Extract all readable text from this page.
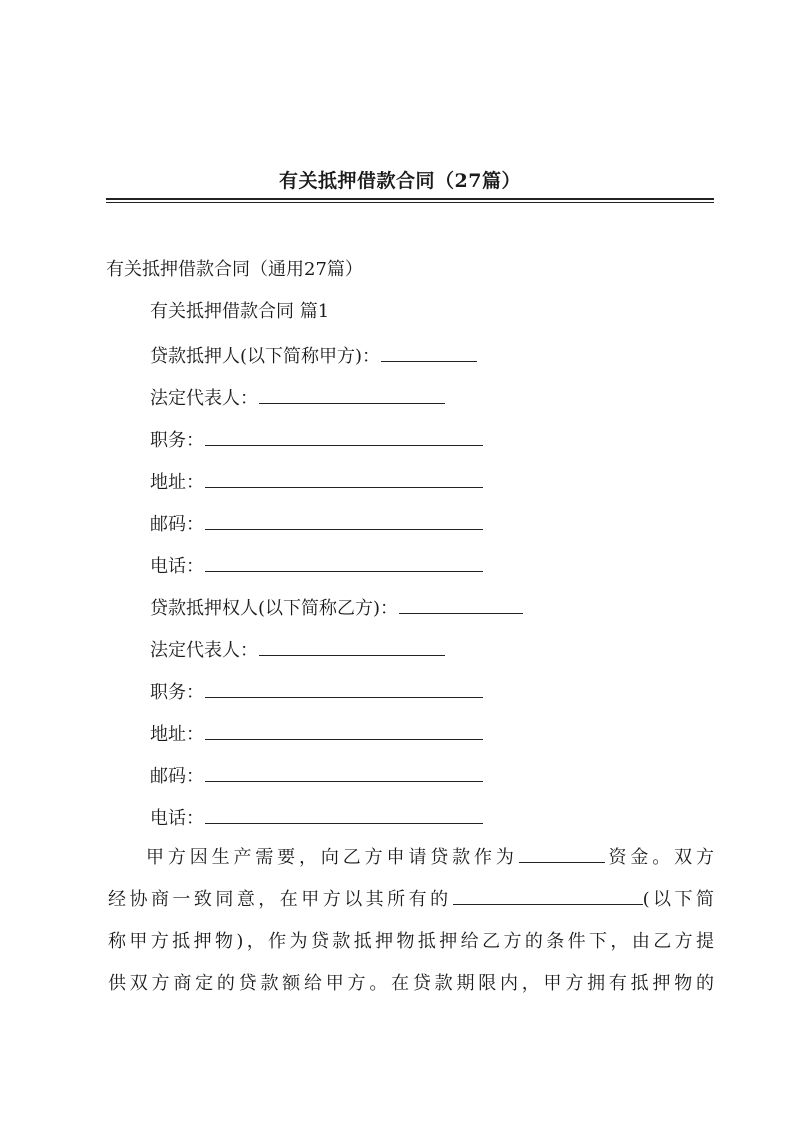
有关抵押借款合同（27篇）
有关抵押借款合同（通用27篇）
有关抵押借款合同 篇1
贷款抵押人(以下简称甲方)：
法定代表人：
职务：
地址：
邮码：
电话：
贷款抵押权人(以下简称乙方)：
法定代表人：
职务：
地址：
邮码：
电话：
甲方因生产需要，向乙方申请贷款作为	资金。双方
经协商一致同意，在甲方以其所有的	(以下简
称甲方抵押物)，作为贷款抵押物抵押给乙方的条件下，由乙方提
供双方商定的贷款额给甲方。在贷款期限内，甲方拥有抵押物的
